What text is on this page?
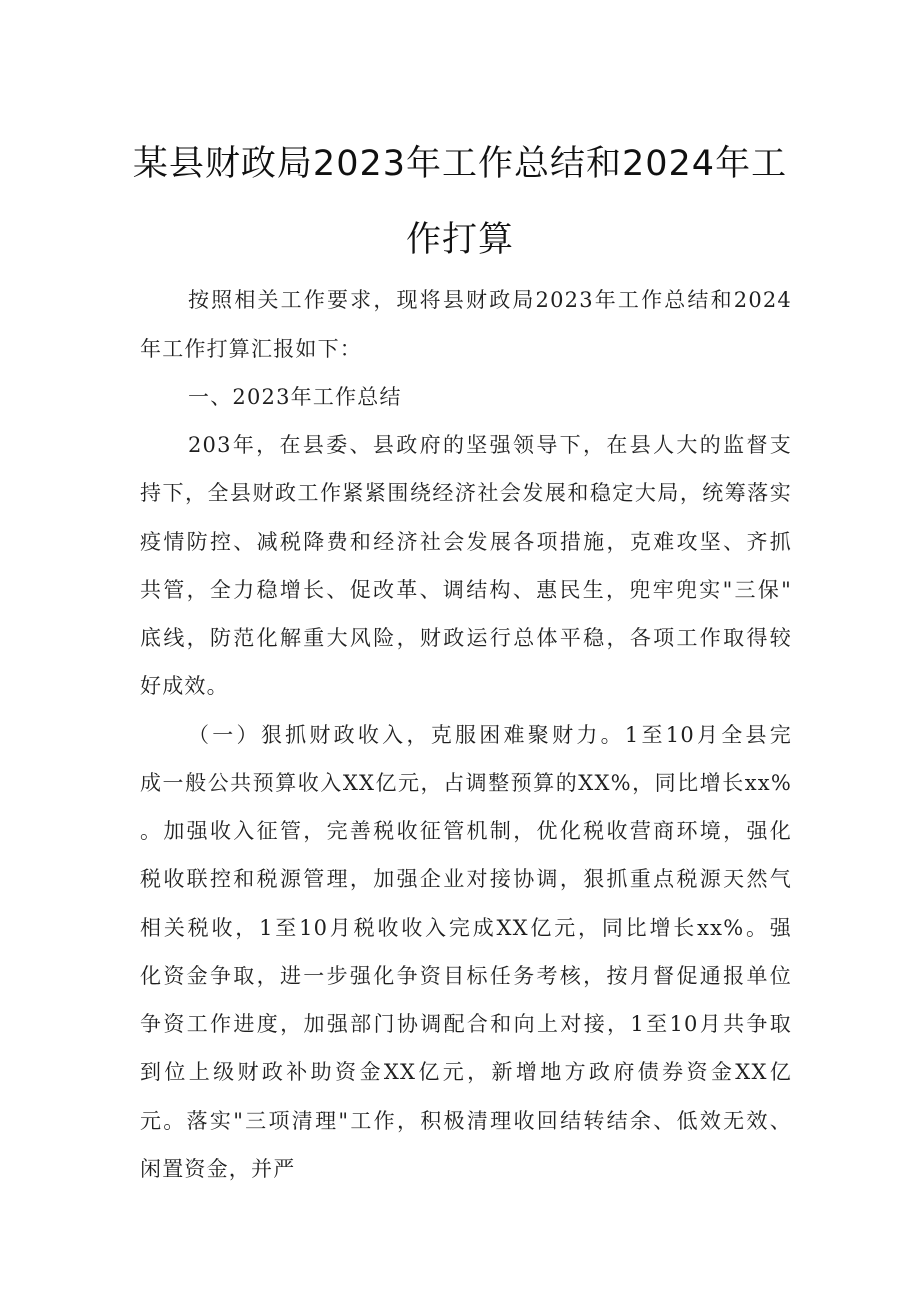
某县财政局2023年工作总结和2024年工
作打算
按照相关工作要求，现将县财政局2023年工作总结和2024
年工作打算汇报如下：
一、2023年工作总结
203年，在县委、县政府的坚强领导下，在县人大的监督支
持下，全县财政工作紧紧围绕经济社会发展和稳定大局，统筹落实
疫情防控、减税降费和经济社会发展各项措施，克难攻坚、齐抓
共管，全力稳增长、促改革、调结构、惠民生，兜牢兜实"三保"
底线，防范化解重大风险，财政运行总体平稳，各项工作取得较
好成效。
（一）狠抓财政收入，克服困难聚财力。1至10月全县完
成一般公共预算收入XX亿元，占调整预算的XX%，同比增长xx%
。加强收入征管，完善税收征管机制，优化税收营商环境，强化
税收联控和税源管理，加强企业对接协调，狠抓重点税源天然气
相关税收，1至10月税收收入完成XX亿元，同比增长xx%。强
化资金争取，进一步强化争资目标任务考核，按月督促通报单位
争资工作进度，加强部门协调配合和向上对接，1至10月共争取
到位上级财政补助资金XX亿元，新增地方政府债券资金XX亿
元。落实"三项清理"工作，积极清理收回结转结余、低效无效、
闲置资金，并严
